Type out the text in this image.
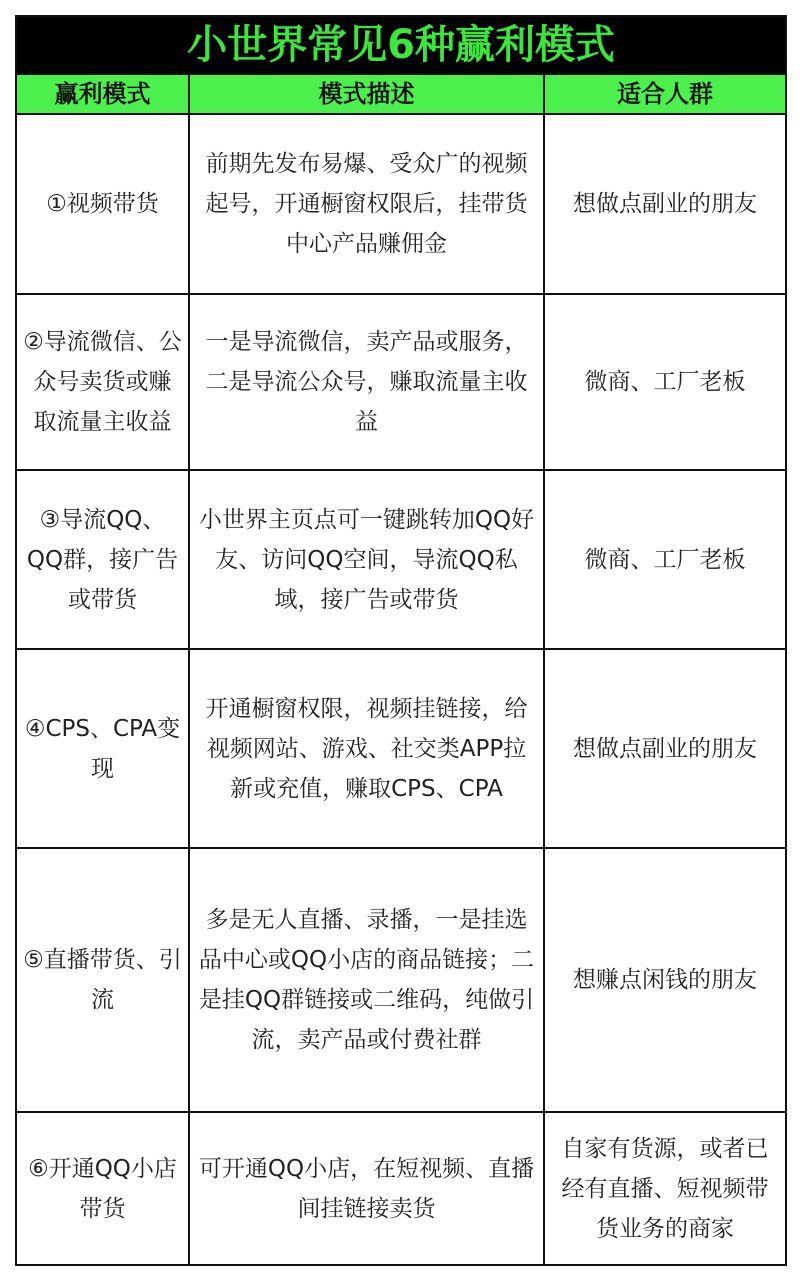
小世界常见6种赢利模式		
赢利模式	模式描述	适合人群
①视频带货	前期先发布易爆、受众广的视频起号，开通橱窗权限后，挂带货中心产品赚佣金	想做点副业的朋友
②导流微信、公众号卖货或赚取流量主收益	一是导流微信，卖产品或服务，二是导流公众号，赚取流量主收益	微商、工厂老板
③导流QQ、QQ群，接广告或带货	小世界主页点可一键跳转加QQ好友、访问QQ空间，导流QQ私域，接广告或带货	微商、工厂老板
④CPS、CPA变现	开通橱窗权限，视频挂链接，给视频网站、游戏、社交类APP拉新或充值，赚取CPS、CPA	想做点副业的朋友
⑤直播带货、引流	多是无人直播、录播，一是挂选品中心或QQ小店的商品链接；二是挂QQ群链接或二维码，纯做引流，卖产品或付费社群	想赚点闲钱的朋友
⑥开通QQ小店带货	可开通QQ小店，在短视频、直播间挂链接卖货	自家有货源，或者已经有直播、短视频带货业务的商家
